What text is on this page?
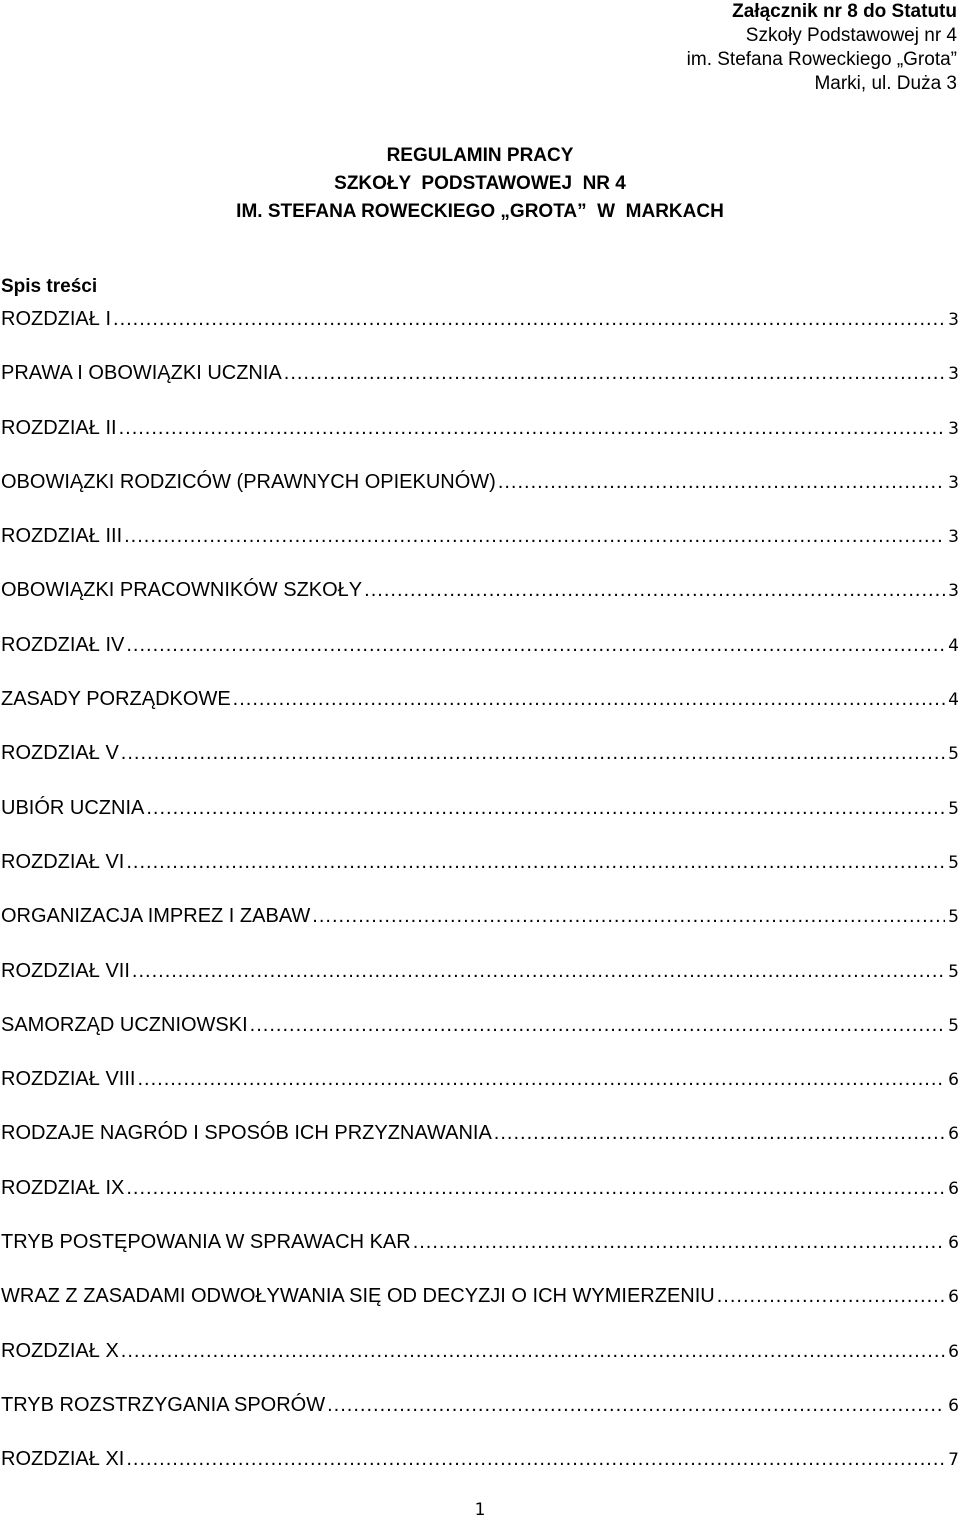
Załącznik nr 8 do Statutu
Szkoły Podstawowej nr 4
im. Stefana Roweckiego „Grota”
Marki, ul. Duża 3
REGULAMIN PRACY
SZKOŁY  PODSTAWOWEJ  NR 4
IM. STEFANA ROWECKIEGO „GROTA”  W  MARKACH
Spis treści
ROZDZIAŁ I .....	3
PRAWA I OBOWIĄZKI UCZNIA .....	3
ROZDZIAŁ II .....	3
OBOWIĄZKI RODZICÓW (PRAWNYCH OPIEKUNÓW) .....	3
ROZDZIAŁ III .....	3
OBOWIĄZKI PRACOWNIKÓW SZKOŁY .....	3
ROZDZIAŁ IV .....	4
ZASADY PORZĄDKOWE .....	4
ROZDZIAŁ V .....	5
UBIÓR UCZNIA .....	5
ROZDZIAŁ VI .....	5
ORGANIZACJA IMPREZ I ZABAW .....	5
ROZDZIAŁ VII .....	5
SAMORZĄD UCZNIOWSKI .....	5
ROZDZIAŁ VIII .....	6
RODZAJE NAGRÓD I SPOSÓB ICH PRZYZNAWANIA .....	6
ROZDZIAŁ IX .....	6
TRYB POSTĘPOWANIA W SPRAWACH KAR .....	6
WRAZ Z ZASADAMI ODWOŁYWANIA SIĘ OD DECYZJI O ICH WYMIERZENIU .....	6
ROZDZIAŁ X .....	6
TRYB ROZSTRZYGANIA SPORÓW .....	6
ROZDZIAŁ XI .....	7
1
